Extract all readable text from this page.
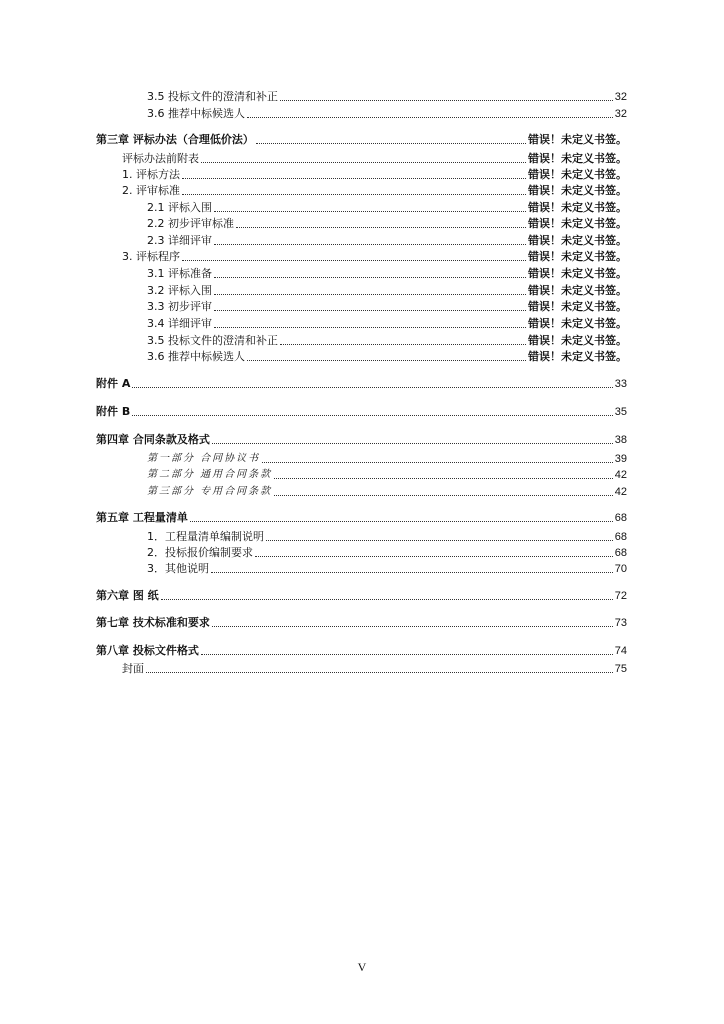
3.5 投标文件的澄清和补正	32
3.6 推荐中标候选人	32
第三章 评标办法（合理低价法）	错误！未定义书签。
评标办法前附表	错误！未定义书签。
1. 评标方法	错误！未定义书签。
2. 评审标准	错误！未定义书签。
2.1 评标入围	错误！未定义书签。
2.2 初步评审标准	错误！未定义书签。
2.3 详细评审	错误！未定义书签。
3. 评标程序	错误！未定义书签。
3.1 评标准备	错误！未定义书签。
3.2 评标入围	错误！未定义书签。
3.3 初步评审	错误！未定义书签。
3.4 详细评审	错误！未定义书签。
3.5 投标文件的澄清和补正	错误！未定义书签。
3.6 推荐中标候选人	错误！未定义书签。
附件 A	33
附件 B	35
第四章 合同条款及格式	38
第一部分 合同协议书	39
第二部分 通用合同条款	42
第三部分 专用合同条款	42
第五章 工程量清单	68
1．工程量清单编制说明	68
2．投标报价编制要求	68
3．其他说明	70
第六章 图 纸	72
第七章 技术标准和要求	73
第八章 投标文件格式	74
封面	75
V
